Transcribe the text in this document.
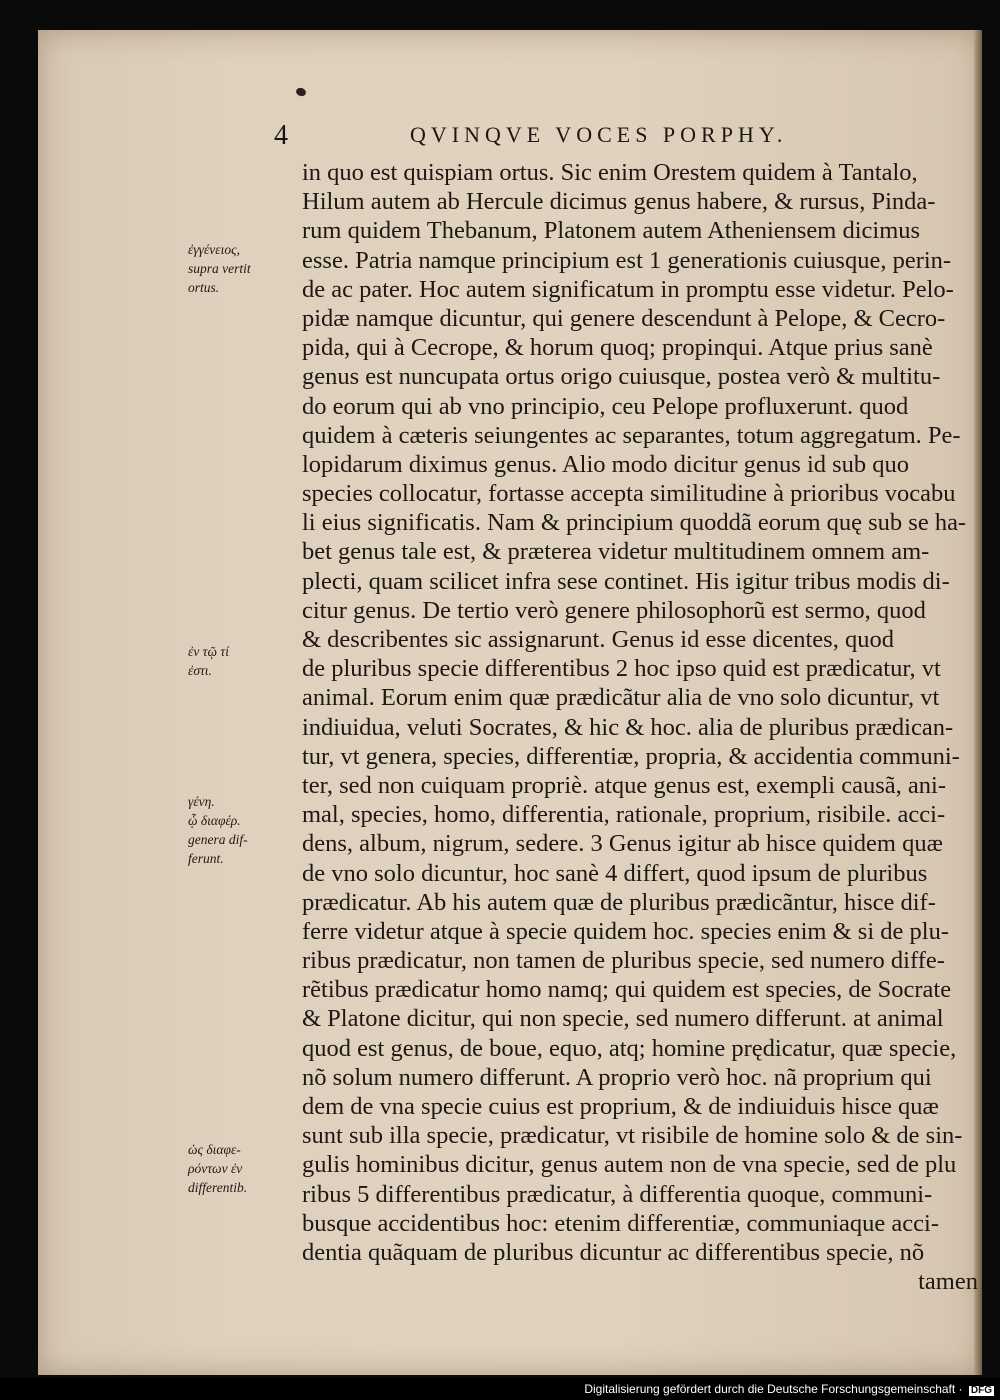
4	QVINQVE VOCES PORPHY.
ἐγγένειος,
supra vertit
ortus.
ἐν τῷ τί
ἐστι.
γένη.
ᾧ διαφέρ.
genera dif-
ferunt.
ὡς διαφε-
ρόντων ἐν
differentib.
in quo est quispiam ortus. Sic enim Orestem quidem à Tantalo,
Hilum autem ab Hercule dicimus genus habere, & rursus, Pinda-
rum quidem Thebanum, Platonem autem Atheniensem dicimus
esse. Patria namque principium est 1 generationis cuiusque, perin-
de ac pater. Hoc autem significatum in promptu esse videtur. Pelo-
pidæ namque dicuntur, qui genere descendunt à Pelope, & Cecro-
pida, qui à Cecrope, & horum quoq; propinqui. Atque prius sanè
genus est nuncupata ortus origo cuiusque, postea verò & multitu-
do eorum qui ab vno principio, ceu Pelope profluxerunt. quod
quidem à cæteris seiungentes ac separantes, totum aggregatum. Pe-
lopidarum diximus genus. Alio modo dicitur genus id sub quo
species collocatur, fortasse accepta similitudine à prioribus vocabu
li eius significatis. Nam & principium quoddã eorum quę sub se ha-
bet genus tale est, & præterea videtur multitudinem omnem am-
plecti, quam scilicet infra sese continet. His igitur tribus modis di-
citur genus. De tertio verò genere philosophorũ est sermo, quod
& describentes sic assignarunt. Genus id esse dicentes, quod
de pluribus specie differentibus 2 hoc ipso quid est prædicatur, vt
animal. Eorum enim quæ prædicãtur alia de vno solo dicuntur, vt
indiuidua, veluti Socrates, & hic & hoc. alia de pluribus prædican-
tur, vt genera, species, differentiæ, propria, & accidentia communi-
ter, sed non cuiquam propriè. atque genus est, exempli causã, ani-
mal, species, homo, differentia, rationale, proprium, risibile. acci-
dens, album, nigrum, sedere. 3 Genus igitur ab hisce quidem quæ
de vno solo dicuntur, hoc sanè 4 differt, quod ipsum de pluribus
prædicatur. Ab his autem quæ de pluribus prædicãntur, hisce dif-
ferre videtur atque à specie quidem hoc. species enim & si de plu-
ribus prædicatur, non tamen de pluribus specie, sed numero diffe-
rẽtibus prædicatur homo namq; qui quidem est species, de Socrate
& Platone dicitur, qui non specie, sed numero differunt. at animal
quod est genus, de boue, equo, atq; homine prędicatur, quæ specie,
nõ solum numero differunt. A proprio verò hoc. nã proprium qui
dem de vna specie cuius est proprium, & de indiuiduis hisce quæ
sunt sub illa specie, prædicatur, vt risibile de homine solo & de sin-
gulis hominibus dicitur, genus autem non de vna specie, sed de plu
ribus 5 differentibus prædicatur, à differentia quoque, communi-
busque accidentibus hoc: etenim differentiæ, communiaque acci-
dentia quãquam de pluribus dicuntur ac differentibus specie, nõ
tamen
Digitalisierung gefördert durch die Deutsche Forschungsgemeinschaft · DFG
